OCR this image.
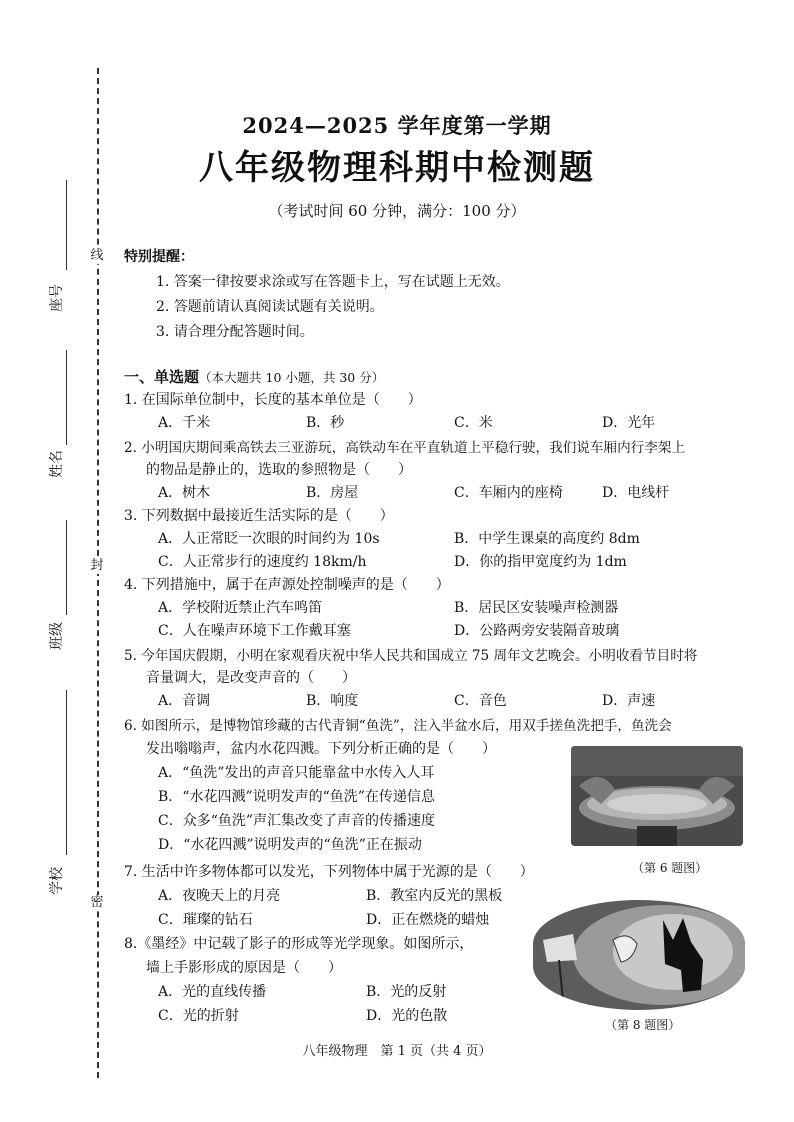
线
封
密
座号
姓名
班级
学校
2024—2025 学年度第一学期
八年级物理科期中检测题
（考试时间 60 分钟，满分：100 分）
特别提醒：
1. 答案一律按要求涂或写在答题卡上，写在试题上无效。
2. 答题前请认真阅读试题有关说明。
3. 请合理分配答题时间。
一、单选题（本大题共 10 小题，共 30 分）
1. 在国际单位制中，长度的基本单位是（　　）
A．千米	B．秒	C．米	D．光年
2. 小明国庆期间乘高铁去三亚游玩，高铁动车在平直轨道上平稳行驶，我们说车厢内行李架上
的物品是静止的，选取的参照物是（　　）
A．树木	B．房屋	C．车厢内的座椅	D．电线杆
3. 下列数据中最接近生活实际的是（　　）
A．人正常眨一次眼的时间约为 10s	B．中学生课桌的高度约 8dm
C．人正常步行的速度约 18km/h	D．你的指甲宽度约为 1dm
4. 下列措施中，属于在声源处控制噪声的是（　　）
A．学校附近禁止汽车鸣笛	B．居民区安装噪声检测器
C．人在噪声环境下工作戴耳塞	D．公路两旁安装隔音玻璃
5. 今年国庆假期，小明在家观看庆祝中华人民共和国成立 75 周年文艺晚会。小明收看节目时将
音量调大，是改变声音的（　　）
A．音调	B．响度	C．音色	D．声速
6. 如图所示，是博物馆珍藏的古代青铜“鱼洗”，注入半盆水后，用双手搓鱼洗把手，鱼洗会
发出嗡嗡声，盆内水花四溅。下列分析正确的是（　　）
A．“鱼洗”发出的声音只能靠盆中水传入人耳
B．“水花四溅”说明发声的“鱼洗”在传递信息
C．众多“鱼洗”声汇集改变了声音的传播速度
D．“水花四溅”说明发声的“鱼洗”正在振动
（第 6 题图）
7. 生活中许多物体都可以发光，下列物体中属于光源的是（　　）
A．夜晚天上的月亮	B．教室内反光的黑板
C．璀璨的钻石	D．正在燃烧的蜡烛
（第 8 题图）
8.《墨经》中记载了影子的形成等光学现象。如图所示，
墙上手影形成的原因是（　　）
A．光的直线传播	B．光的反射
C．光的折射	D．光的色散
八年级物理　第 1 页（共 4 页）
